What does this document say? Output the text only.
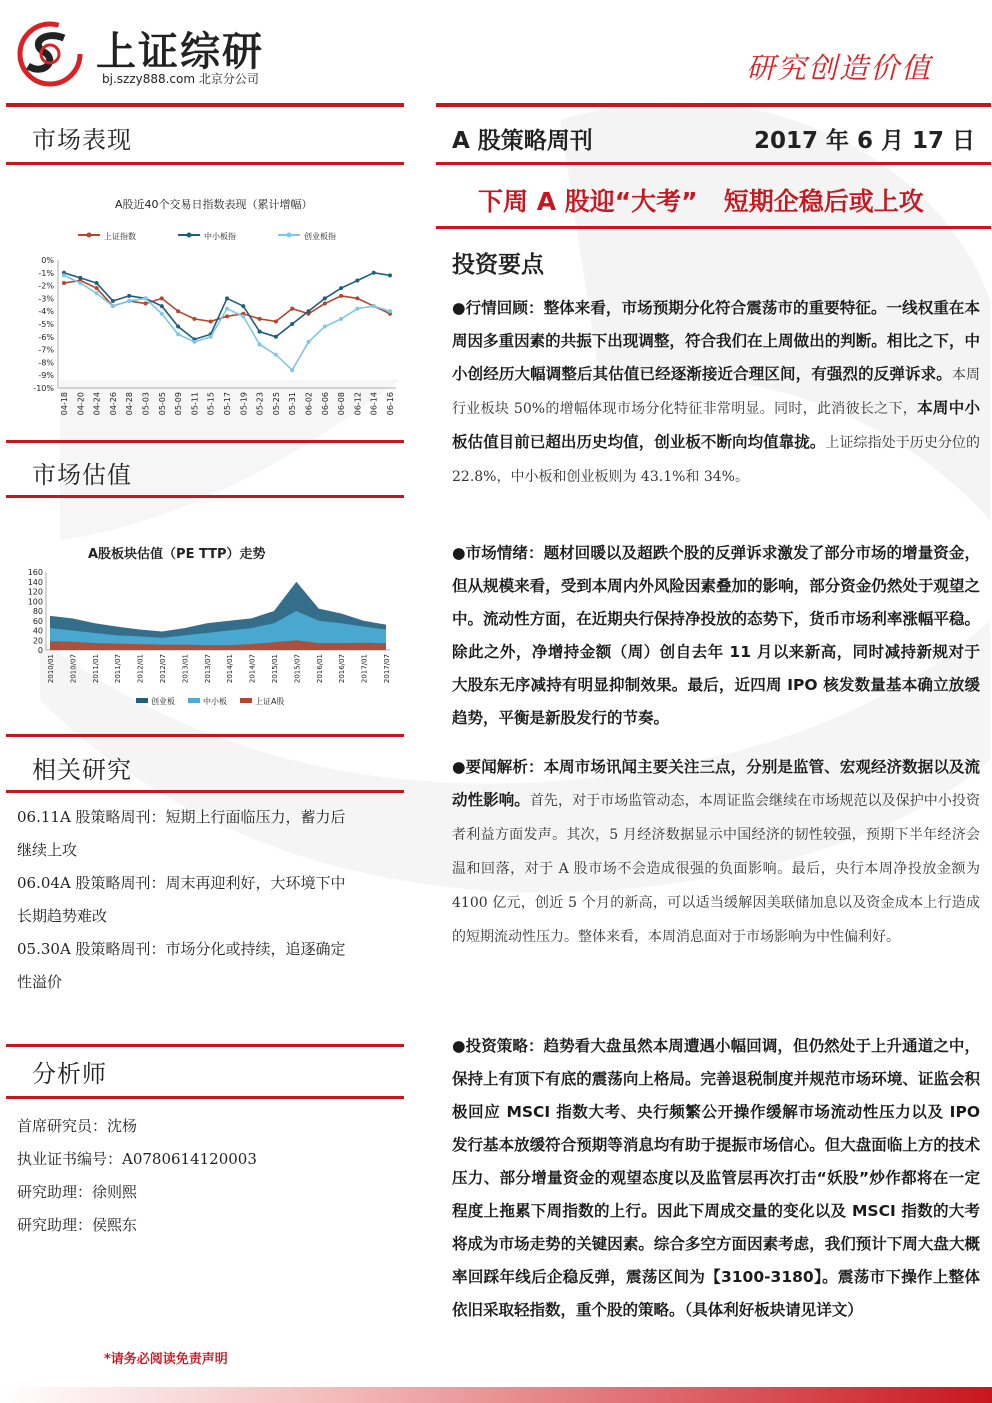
上证综研
bj.szzy888.com 北京分公司	研究创造价值
市场表现	A 股策略周刊	2017 年 6 月 17 日
下周 A 股迎“大考”   短期企稳后或上攻
A股近40个交易日指数表现（累计增幅）
上证指数	中小板指	创业板指
0%
-1%
-2%
-3%
-4%
-5%
-6%
-7%
-8%
-9%
-10%
04-18 04-20 04-24 04-26 04-28 05-03 05-05 05-09 05-11 05-15 05-17 05-19 05-23 05-25 05-31 06-02 06-06 06-08 06-12 06-14 06-16
市场估值
A股板块估值（PE TTP）走势
160
140
120
100
80
60
40
20
0
2010/01 2010/07 2011/01 2011/07 2012/01 2012/07 2013/01 2013/07 2014/01 2014/07 2015/01 2015/07 2016/01 2016/07 2017/01 2017/07
创业板	中小板	上证A股
相关研究
06.11A 股策略周刊：短期上行面临压力，蓄力后
继续上攻
06.04A 股策略周刊：周末再迎利好，大环境下中
长期趋势难改
05.30A 股策略周刊：市场分化或持续，追逐确定
性溢价
分析师
首席研究员：沈杨
执业证书编号：A0780614120003
研究助理：徐则熙
研究助理：侯熙东
*请务必阅读免责声明
投资要点
●行情回顾：整体来看，市场预期分化符合震荡市的重要特征。一线权重在本周因多重因素的共振下出现调整，符合我们在上周做出的判断。相比之下，中小创经历大幅调整后其估值已经逐渐接近合理区间，有强烈的反弹诉求。本周行业板块 50%的增幅体现市场分化特征非常明显。同时，此消彼长之下，本周中小板估值目前已超出历史均值，创业板不断向均值靠拢。上证综指处于历史分位的 22.8%，中小板和创业板则为 43.1%和 34%。
●市场情绪：题材回暖以及超跌个股的反弹诉求激发了部分市场的增量资金，但从规模来看，受到本周内外风险因素叠加的影响，部分资金仍然处于观望之中。流动性方面，在近期央行保持净投放的态势下，货币市场利率涨幅平稳。除此之外，净增持金额（周）创自去年 11 月以来新高，同时减持新规对于大股东无序减持有明显抑制效果。最后，近四周 IPO 核发数量基本确立放缓趋势，平衡是新股发行的节奏。
●要闻解析：本周市场讯闻主要关注三点，分别是监管、宏观经济数据以及流动性影响。首先，对于市场监管动态，本周证监会继续在市场规范以及保护中小投资者利益方面发声。其次，5 月经济数据显示中国经济的韧性较强，预期下半年经济会温和回落，对于 A 股市场不会造成很强的负面影响。最后，央行本周净投放金额为 4100 亿元，创近 5 个月的新高，可以适当缓解因美联储加息以及资金成本上行造成的短期流动性压力。整体来看，本周消息面对于市场影响为中性偏利好。
●投资策略：趋势看大盘虽然本周遭遇小幅回调，但仍然处于上升通道之中，保持上有顶下有底的震荡向上格局。完善退税制度并规范市场环境、证监会积极回应 MSCI 指数大考、央行频繁公开操作缓解市场流动性压力以及 IPO 发行基本放缓符合预期等消息均有助于提振市场信心。但大盘面临上方的技术压力、部分增量资金的观望态度以及监管层再次打击“妖股”炒作都将在一定程度上拖累下周指数的上行。因此下周成交量的变化以及 MSCI 指数的大考将成为市场走势的关键因素。综合多空方面因素考虑，我们预计下周大盘大概率回踩年线后企稳反弹，震荡区间为【3100-3180】。震荡市下操作上整体依旧采取轻指数，重个股的策略。（具体利好板块请见详文）
